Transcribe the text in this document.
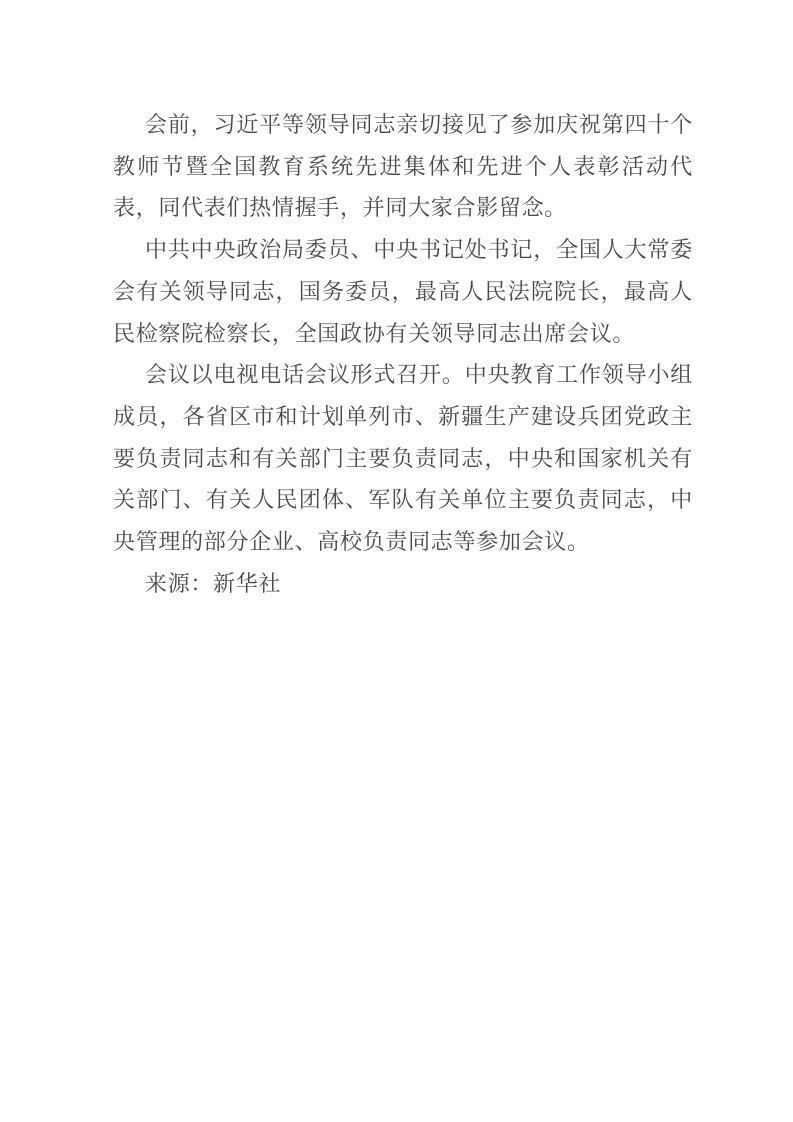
会前，习近平等领导同志亲切接见了参加庆祝第四十个教师节暨全国教育系统先进集体和先进个人表彰活动代表，同代表们热情握手，并同大家合影留念。

中共中央政治局委员、中央书记处书记，全国人大常委会有关领导同志，国务委员，最高人民法院院长，最高人民检察院检察长，全国政协有关领导同志出席会议。

会议以电视电话会议形式召开。中央教育工作领导小组成员，各省区市和计划单列市、新疆生产建设兵团党政主要负责同志和有关部门主要负责同志，中央和国家机关有关部门、有关人民团体、军队有关单位主要负责同志，中央管理的部分企业、高校负责同志等参加会议。

来源：新华社
